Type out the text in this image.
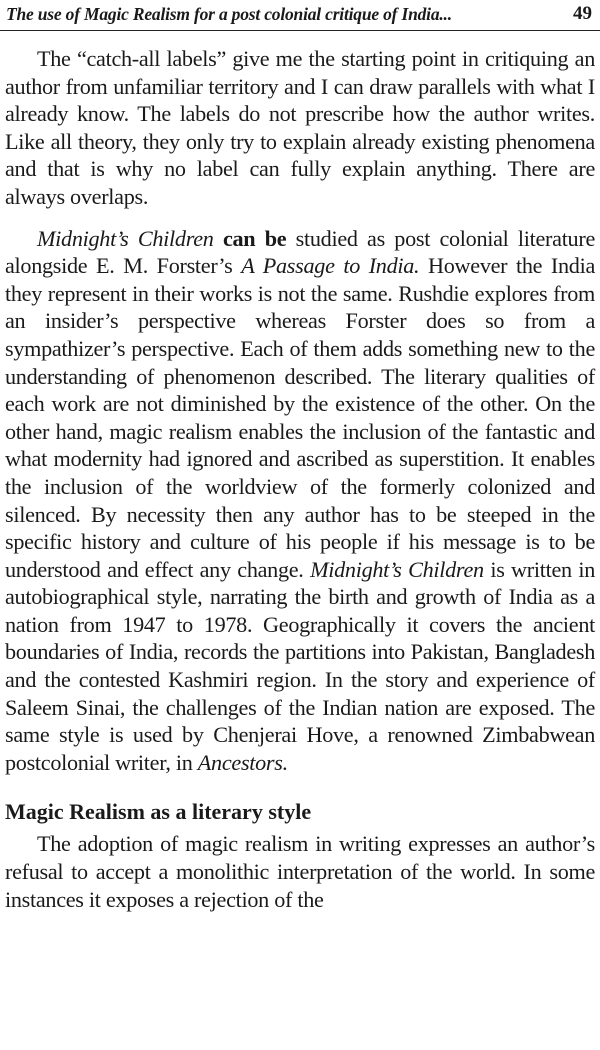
The use of Magic Realism for a post colonial critique of India...	49

The “catch-all labels” give me the starting point in critiquing an author from unfamiliar territory and I can draw parallels with what I already know. The labels do not prescribe how the author writes. Like all theory, they only try to explain already existing phenomena and that is why no label can fully explain anything. There are always overlaps.

Midnight’s Children can be studied as post colonial literature alongside E. M. Forster’s A Passage to India. However the India they represent in their works is not the same. Rushdie explores from an insider’s perspective whereas Forster does so from a sympathizer’s perspective. Each of them adds something new to the understanding of phenomenon described. The literary qualities of each work are not diminished by the existence of the other. On the other hand, magic realism enables the inclusion of the fantastic and what modernity had ignored and ascribed as superstition. It enables the inclusion of the worldview of the formerly colonized and silenced. By necessity then any author has to be steeped in the specific history and culture of his people if his message is to be understood and effect any change. Midnight’s Children is written in autobiographical style, narrating the birth and growth of India as a nation from 1947 to 1978. Geographically it covers the ancient boundaries of India, records the partitions into Pakistan, Bangladesh and the contested Kashmiri region. In the story and experience of Saleem Sinai, the challenges of the Indian nation are exposed. The same style is used by Chenjerai Hove, a renowned Zimbabwean postcolonial writer, in Ancestors.

Magic Realism as a literary style

The adoption of magic realism in writing expresses an author’s refusal to accept a monolithic interpretation of the world. In some instances it exposes a rejection of the
